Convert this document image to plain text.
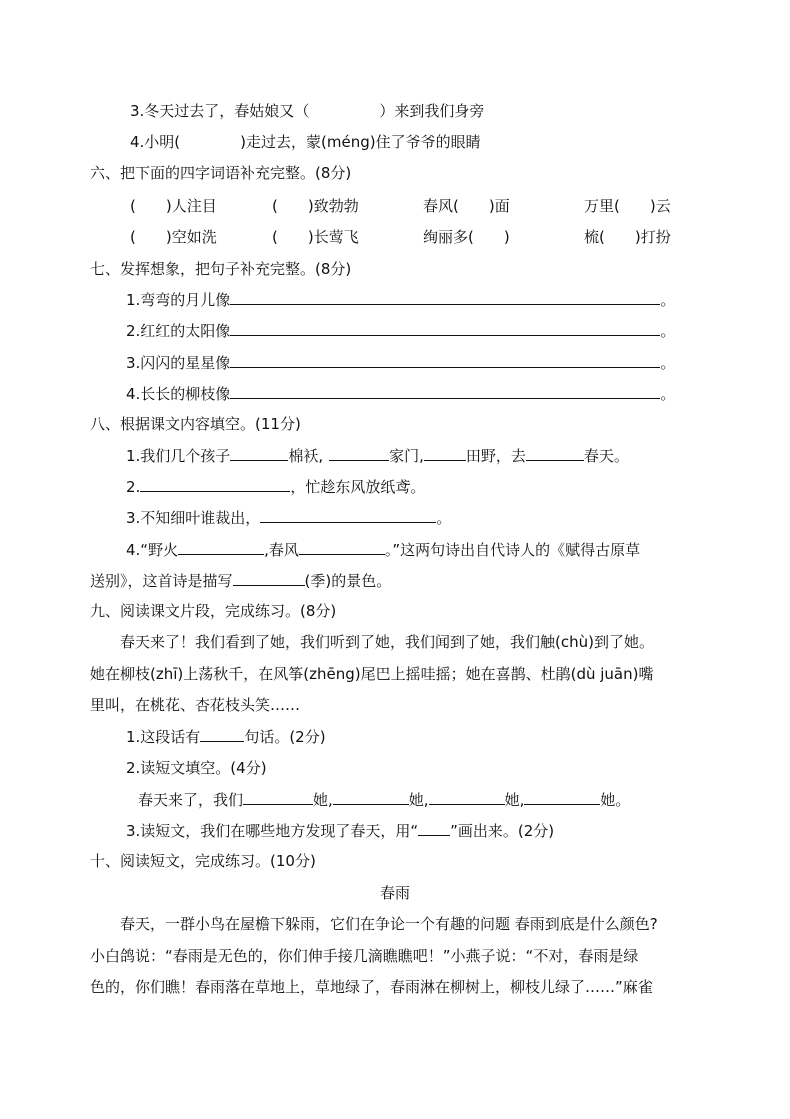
3.冬天过去了，春姑娘又（	）来到我们身旁
4.小明(	)走过去，蒙(méng)住了爷爷的眼睛
六、把下面的四字词语补充完整。(8分)
(　　)人注目	(　　)致勃勃	春风(　　)面	万里(　　)云
(　　)空如洗	(　　)长莺飞	绚丽多(　　)	梳(　　)打扮
七、发挥想象，把句子补充完整。(8分)
1.弯弯的月儿像	。
2.红红的太阳像	。
3.闪闪的星星像	。
4.长长的柳枝像	。
八、根据课文内容填空。(11分)
1.我们几个孩子	棉袄,	家门,	田野，去	春天。
2.	，忙趁东风放纸鸢。
3.不知细叶谁裁出，	。
4.“野火	,春风	。”这两句诗出自代诗人的《赋得古原草
送别》，这首诗是描写	(季)的景色。
九、阅读课文片段，完成练习。(8分)
春天来了！我们看到了她，我们听到了她，我们闻到了她，我们触(chù)到了她。
她在柳枝(zhī)上荡秋千，在风筝(zhēng)尾巴上摇哇摇；她在喜鹊、杜鹃(dù juān)嘴
里叫，在桃花、杏花枝头笑……
1.这段话有	句话。(2分)
2.读短文填空。(4分)
春天来了，我们	她,	她,	她,	她。
3.读短文，我们在哪些地方发现了春天，用“ ”画出来。(2分)
十、阅读短文，完成练习。(10分)
春雨
春天，一群小鸟在屋檐下躲雨，它们在争论一个有趣的问题 春雨到底是什么颜色?
小白鸽说：“春雨是无色的，你们伸手接几滴瞧瞧吧！”小燕子说：“不对，春雨是绿
色的，你们瞧！春雨落在草地上，草地绿了，春雨淋在柳树上，柳枝儿绿了……”麻雀
